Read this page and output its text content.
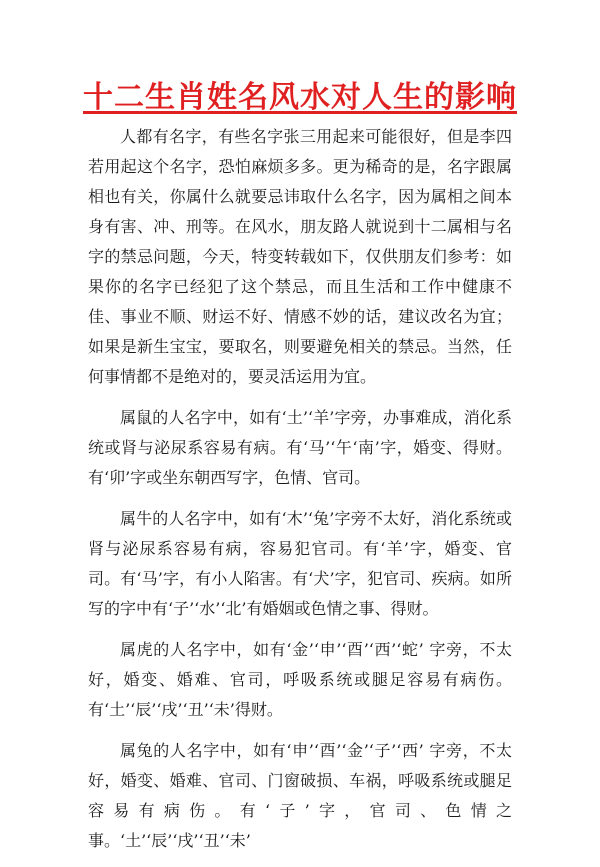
十二生肖姓名风水对人生的影响

人都有名字，有些名字张三用起来可能很好，但是李四若用起这个名字，恐怕麻烦多多。更为稀奇的是，名字跟属相也有关，你属什么就要忌讳取什么名字，因为属相之间本身有害、冲、刑等。在风水，朋友路人就说到十二属相与名字的禁忌问题，今天，特变转载如下，仅供朋友们参考：如果你的名字已经犯了这个禁忌，而且生活和工作中健康不佳、事业不顺、财运不好、情感不妙的话，建议改名为宜；如果是新生宝宝，要取名，则要避免相关的禁忌。当然，任何事情都不是绝对的，要灵活运用为宜。

属鼠的人名字中，如有‘土’‘羊’字旁，办事难成，消化系统或肾与泌尿系容易有病。有‘马’‘午‘南’字，婚变、得财。有‘卯’字或坐东朝西写字，色情、官司。

属牛的人名字中，如有‘木’‘兔’字旁不太好，消化系统或肾与泌尿系容易有病，容易犯官司。有‘羊’字，婚变、官司。有‘马’字，有小人陷害。有‘犬’字，犯官司、疾病。如所写的字中有‘子’‘水’‘北’有婚姻或色情之事、得财。

属虎的人名字中，如有‘金’‘申’‘酉’‘西’‘蛇’ 字旁，不太好，婚变、婚难、官司，呼吸系统或腿足容易有病伤。有‘土’‘辰’‘戌’‘丑’‘未’得财。

属兔的人名字中，如有‘申’‘酉’‘金’‘子’‘西’ 字旁，不太好，婚变、婚难、官司、门窗破损、车祸，呼吸系统或腿足容易有病伤。有‘子’字，官司、色情之事。‘土’‘辰’‘戌’‘丑’‘未’
